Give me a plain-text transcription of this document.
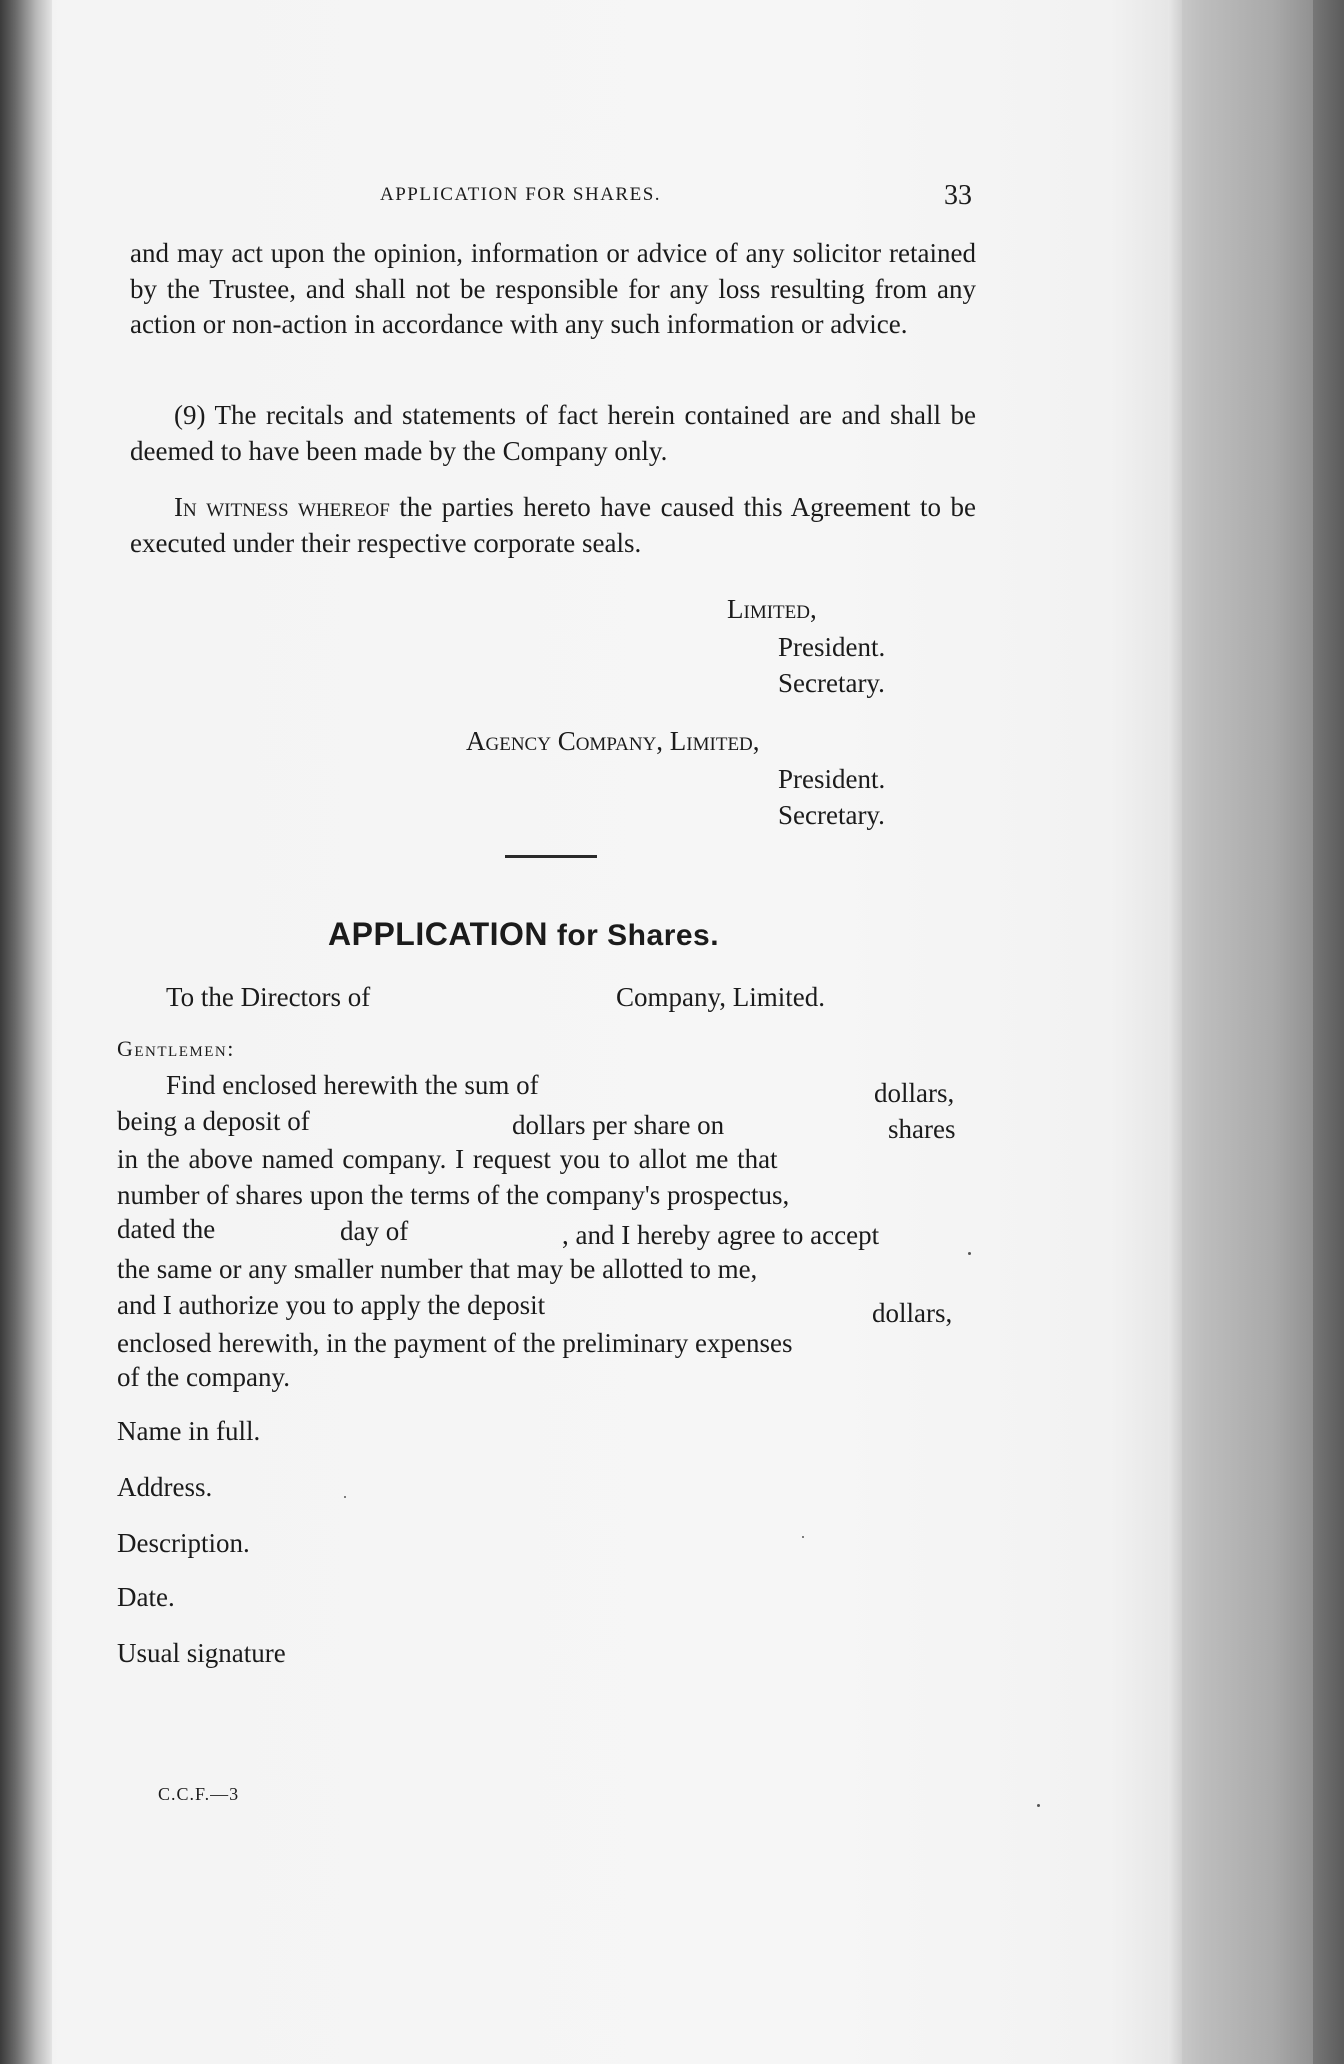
APPLICATION FOR SHARES.	33
and may act upon the opinion, information or advice of any solicitor retained by the Trustee, and shall not be responsible for any loss resulting from any action or non-action in accordance with any such information or advice.
(9) The recitals and statements of fact herein contained are and shall be deemed to have been made by the Company only.
In witness whereof the parties hereto have caused this Agreement to be executed under their respective corporate seals.
Limited,
President.
Secretary.
Agency Company, Limited,
President.
Secretary.
APPLICATION for Shares.
To the Directors of	Company, Limited.
Gentlemen:
Find enclosed herewith the sum of	dollars,
being a deposit of	dollars per share on	shares
in the above named company. I request you to allot me that
number of shares upon the terms of the company's prospectus,
dated the	day of	, and I hereby agree to accept
the same or any smaller number that may be allotted to me,
and I authorize you to apply the deposit	dollars,
enclosed herewith, in the payment of the preliminary expenses
of the company.
Name in full.
Address.
Description.
Date.
Usual signature
C.C.F.—3
